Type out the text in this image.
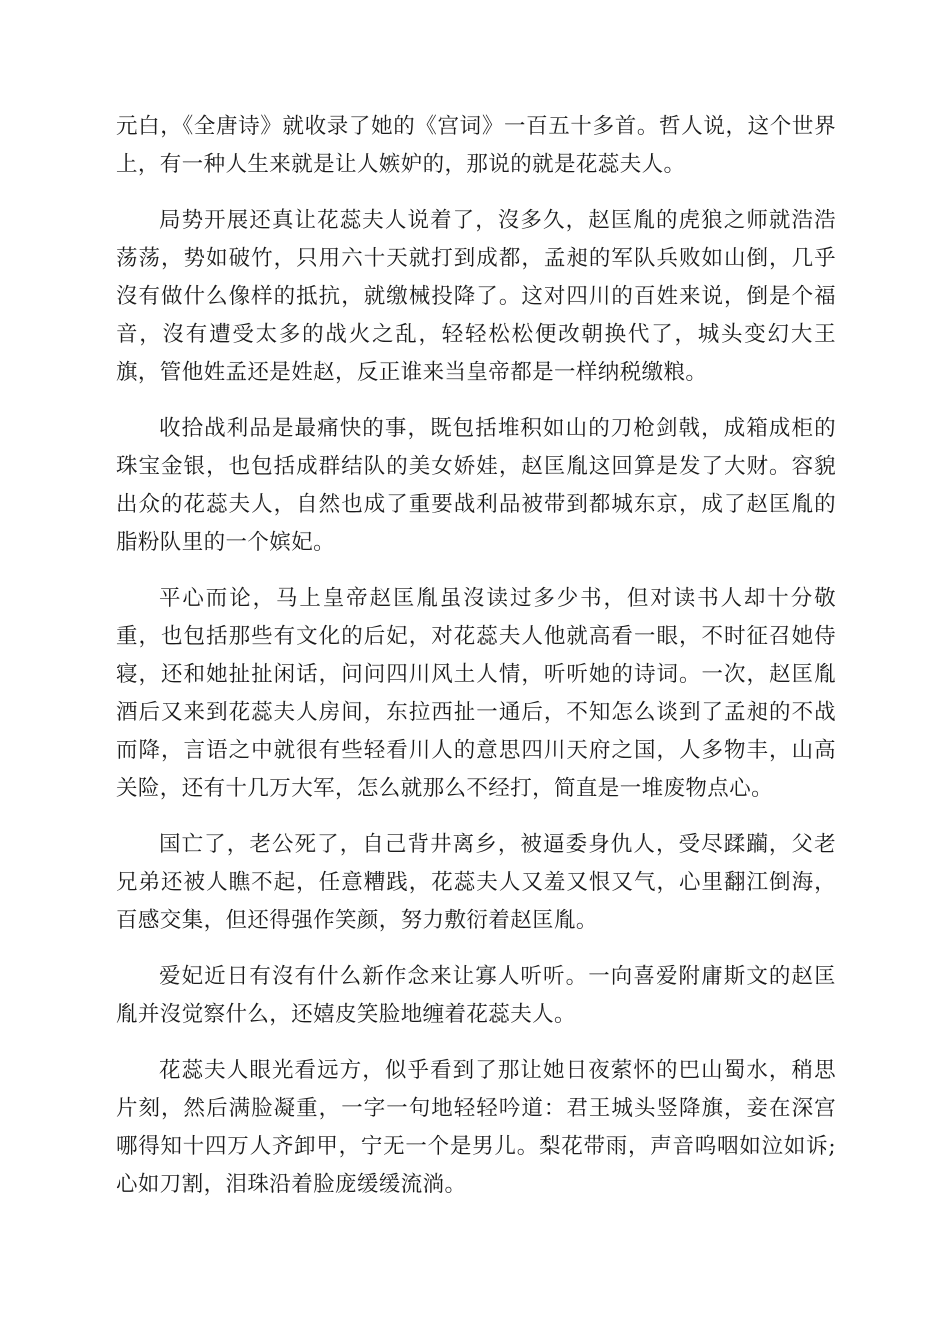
元白，《全唐诗》就收录了她的《宫词》一百五十多首。哲人说，这个世界上，有一种人生来就是让人嫉妒的，那说的就是花蕊夫人。

局势开展还真让花蕊夫人说着了，沒多久，赵匡胤的虎狼之师就浩浩荡荡，势如破竹，只用六十天就打到成都，孟昶的军队兵败如山倒，几乎沒有做什么像样的抵抗，就缴械投降了。这对四川的百姓来说，倒是个福音，沒有遭受太多的战火之乱，轻轻松松便改朝换代了，城头变幻大王旗，管他姓孟还是姓赵，反正谁来当皇帝都是一样纳税缴粮。

收拾战利品是最痛快的事，既包括堆积如山的刀枪剑戟，成箱成柜的珠宝金银，也包括成群结队的美女娇娃，赵匡胤这回算是发了大财。容貌出众的花蕊夫人，自然也成了重要战利品被带到都城东京，成了赵匡胤的脂粉队里的一个嫔妃。

平心而论，马上皇帝赵匡胤虽沒读过多少书，但对读书人却十分敬重，也包括那些有文化的后妃，对花蕊夫人他就高看一眼，不时征召她侍寝，还和她扯扯闲话，问问四川风土人情，听听她的诗词。一次，赵匡胤酒后又来到花蕊夫人房间，东拉西扯一通后，不知怎么谈到了孟昶的不战而降，言语之中就很有些轻看川人的意思四川天府之国，人多物丰，山高关险，还有十几万大军，怎么就那么不经打，简直是一堆废物点心。

国亡了，老公死了，自己背井离乡，被逼委身仇人，受尽蹂躏，父老兄弟还被人瞧不起，任意糟践，花蕊夫人又羞又恨又气，心里翻江倒海，百感交集，但还得强作笑颜，努力敷衍着赵匡胤。

爱妃近日有沒有什么新作念来让寡人听听。一向喜爱附庸斯文的赵匡胤并沒觉察什么，还嬉皮笑脸地缠着花蕊夫人。

花蕊夫人眼光看远方，似乎看到了那让她日夜萦怀的巴山蜀水，稍思片刻，然后满脸凝重，一字一句地轻轻吟道：君王城头竖降旗，妾在深宫哪得知十四万人齐卸甲，宁无一个是男儿。梨花带雨，声音呜咽如泣如诉;心如刀割，泪珠沿着脸庞缓缓流淌。
